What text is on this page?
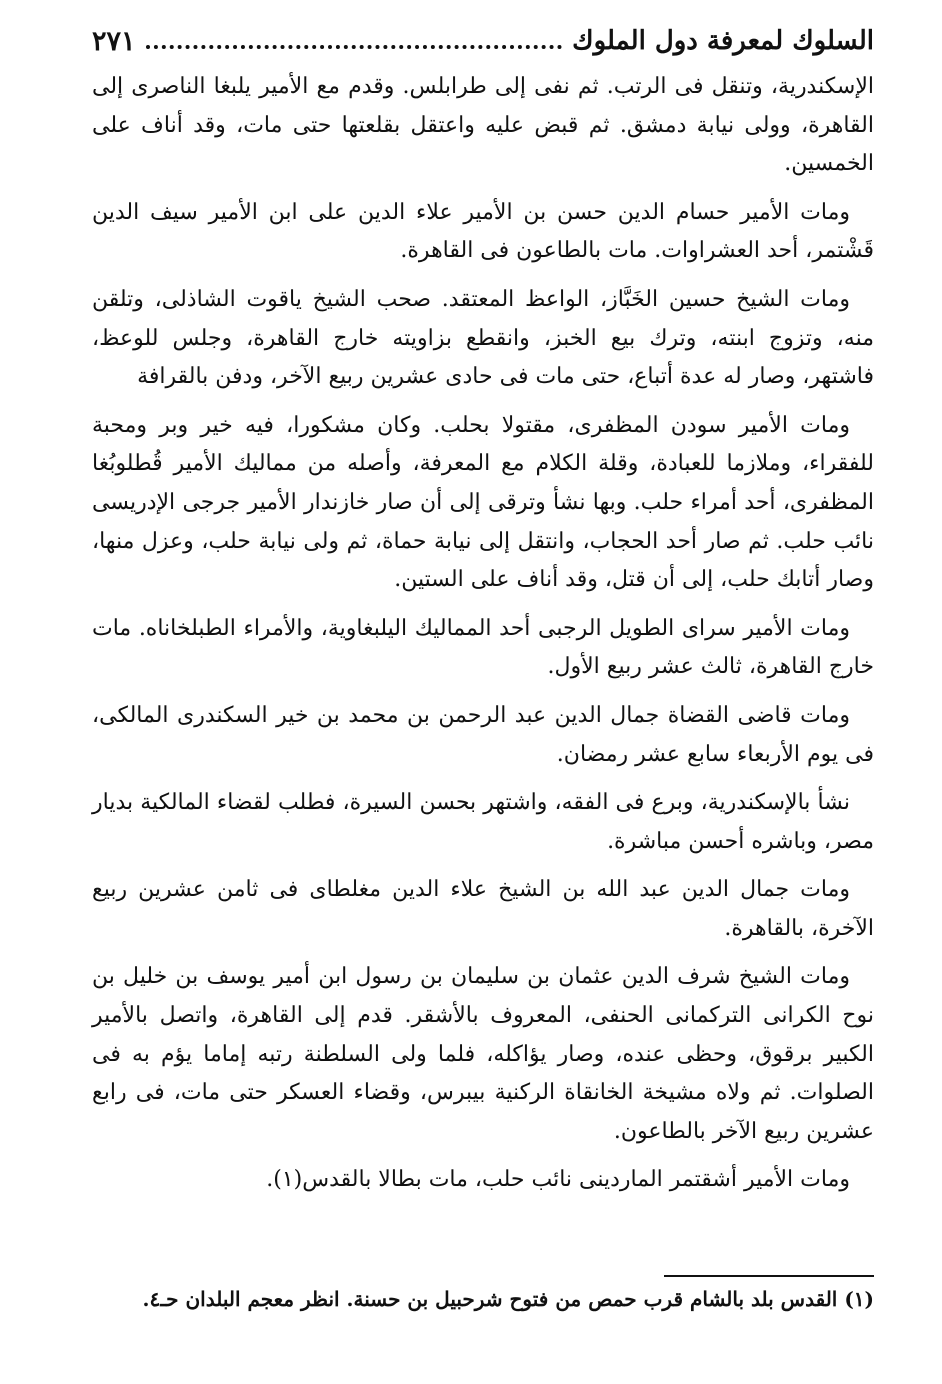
السلوك لمعرفة دول الملوك
٢٧١

الإسكندرية، وتنقل فى الرتب. ثم نفى إلى طرابلس. وقدم مع الأمير يلبغا الناصرى إلى القاهرة، وولى نيابة دمشق. ثم قبض عليه واعتقل بقلعتها حتى مات، وقد أناف على الخمسين.

ومات الأمير حسام الدين حسن بن الأمير علاء الدين على ابن الأمير سيف الدين قَشْتمر، أحد العشراوات. مات بالطاعون فى القاهرة.

ومات الشيخ حسين الخَبَّاز، الواعظ المعتقد. صحب الشيخ ياقوت الشاذلى، وتلقن منه، وتزوج ابنته، وترك بيع الخبز، وانقطع بزاويته خارج القاهرة، وجلس للوعظ، فاشتهر، وصار له عدة أتباع، حتى مات فى حادى عشرين ربيع الآخر، ودفن بالقرافة

ومات الأمير سودن المظفرى، مقتولا بحلب. وكان مشكورا، فيه خير وبر ومحبة للفقراء، وملازما للعبادة، وقلة الكلام مع المعرفة، وأصله من مماليك الأمير قُطلوبُغا المظفرى، أحد أمراء حلب. وبها نشأ وترقى إلى أن صار خازندار الأمير جرجى الإدريسى نائب حلب. ثم صار أحد الحجاب، وانتقل إلى نيابة حماة، ثم ولى نيابة حلب، وعزل منها، وصار أتابك حلب، إلى أن قتل، وقد أناف على الستين.

ومات الأمير سراى الطويل الرجبى أحد المماليك اليلبغاوية، والأمراء الطبلخاناه. مات خارج القاهرة، ثالث عشر ربيع الأول.

ومات قاضى القضاة جمال الدين عبد الرحمن بن محمد بن خير السكندرى المالكى، فى يوم الأربعاء سابع عشر رمضان.

نشأ بالإسكندرية، وبرع فى الفقه، واشتهر بحسن السيرة، فطلب لقضاء المالكية بديار مصر، وباشره أحسن مباشرة.

ومات جمال الدين عبد الله بن الشيخ علاء الدين مغلطاى فى ثامن عشرين ربيع الآخرة، بالقاهرة.

ومات الشيخ شرف الدين عثمان بن سليمان بن رسول ابن أمير يوسف بن خليل بن نوح الكرانى التركمانى الحنفى، المعروف بالأشقر. قدم إلى القاهرة، واتصل بالأمير الكبير برقوق، وحظى عنده، وصار يؤاكله، فلما ولى السلطنة رتبه إماما يؤم به فى الصلوات. ثم ولاه مشيخة الخانقاة الركنية بيبرس، وقضاء العسكر حتى مات، فى رابع عشرين ربيع الآخر بالطاعون.

ومات الأمير أشقتمر الماردينى نائب حلب، مات بطالا بالقدس(١).

(١) القدس بلد بالشام قرب حمص من فتوح شرحبيل بن حسنة. انظر معجم البلدان حـ٤.
